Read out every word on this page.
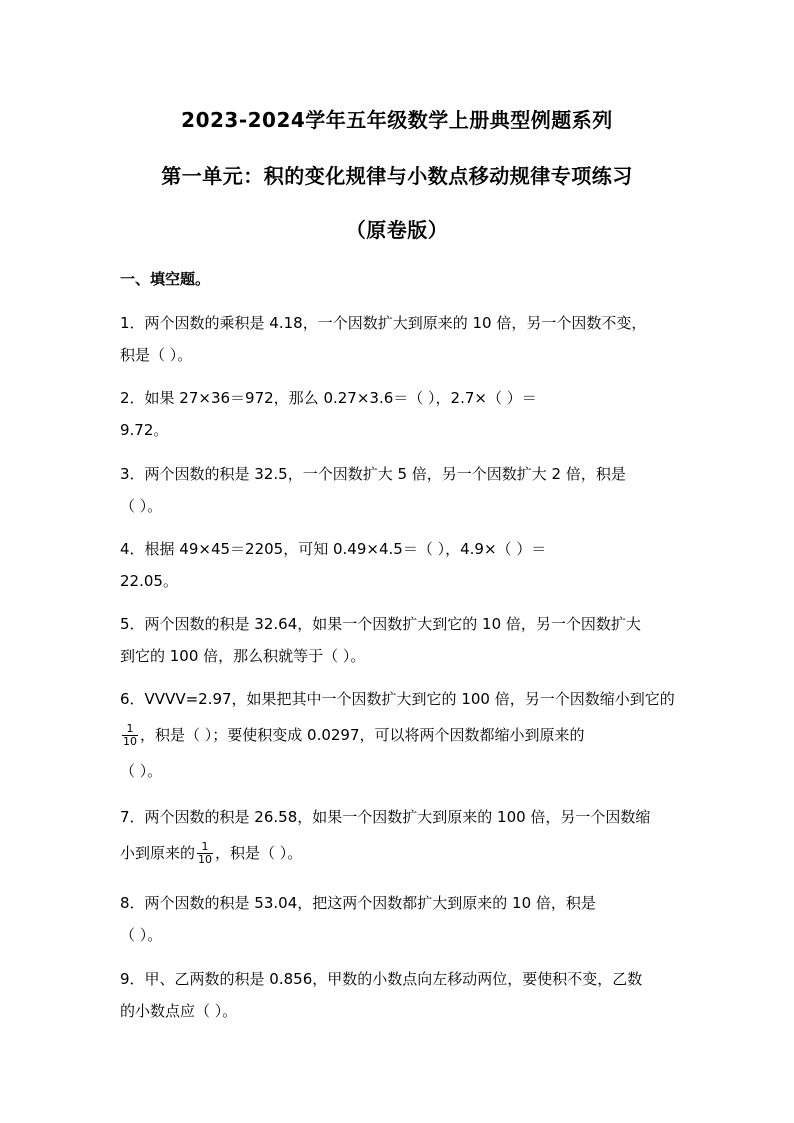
2023-2024学年五年级数学上册典型例题系列
第一单元：积的变化规律与小数点移动规律专项练习
（原卷版）
一、填空题。
1．两个因数的乘积是 4.18，一个因数扩大到原来的 10 倍，另一个因数不变，
积是（ ）。
2．如果 27×36＝972，那么 0.27×3.6＝（ ），2.7×（ ）＝
9.72。
3．两个因数的积是 32.5，一个因数扩大 5 倍，另一个因数扩大 2 倍，积是
（ ）。
4．根据 49×45＝2205，可知 0.49×4.5＝（ ），4.9×（ ）＝
22.05。
5．两个因数的积是 32.64，如果一个因数扩大到它的 10 倍，另一个因数扩大
到它的 100 倍，那么积就等于（ ）。
6．VVVV=2.97，如果把其中一个因数扩大到它的 100 倍，另一个因数缩小到它的
$\frac{1}{10}$ ，积是（ ）；要使积变成 0.0297，可以将两个因数都缩小到原来的
（ ）。
7．两个因数的积是 26.58，如果一个因数扩大到原来的 100 倍，另一个因数缩
小到原来的 $\frac{1}{10}$ ，积是（ ）。
8．两个因数的积是 53.04，把这两个因数都扩大到原来的 10 倍，积是
（ ）。
9．甲、乙两数的积是 0.856，甲数的小数点向左移动两位，要使积不变，乙数
的小数点应（ ）。
